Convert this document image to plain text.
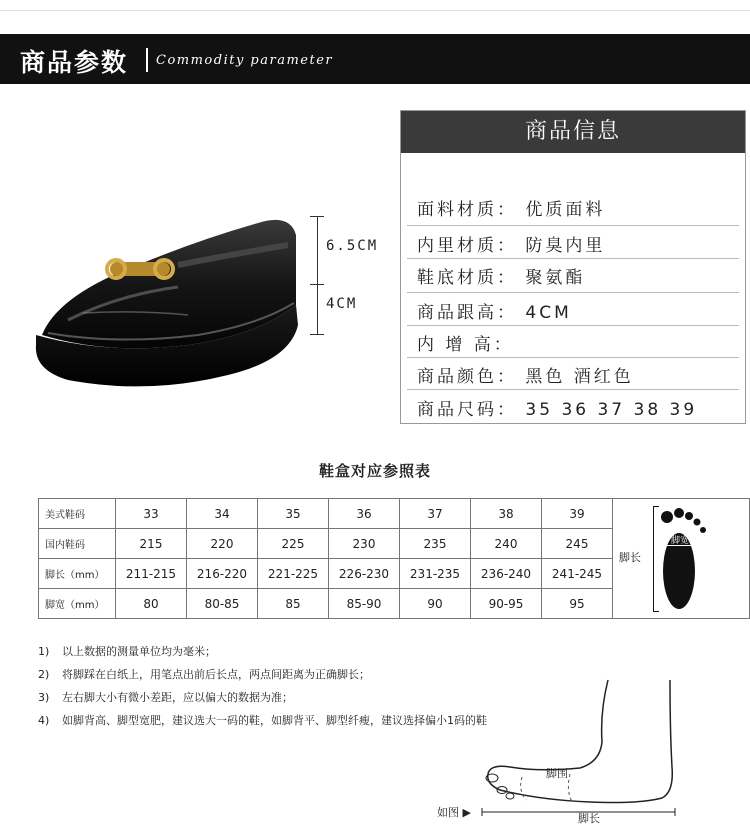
商品参数 Commodity parameter
6.5CM
4CM
商品信息
面料材质： 优质面料
内里材质： 防臭内里
鞋底材质： 聚氨酯
商品跟高： 4CM
内 增 高：
商品颜色： 黑色 酒红色
商品尺码： 35 36 37 38 39
鞋盒对应参照表
美式鞋码	33	34	35	36	37	38	39	脚长
脚宽

国内鞋码	215	220	225	230	235	240	245	
脚长（mm）	211-215	216-220	221-225	226-230	231-235	236-240	241-245	
脚宽（mm）	80	80-85	85	85-90	90	90-95	95	
1) 以上数据的测量单位均为毫米；
2) 将脚踩在白纸上，用笔点出前后长点，两点间距离为正确脚长；
3) 左右脚大小有微小差距，应以偏大的数据为准；
4) 如脚背高、脚型宽肥，建议选大一码的鞋，如脚背平、脚型纤瘦，建议选择偏小1码的鞋
如图 ▶
脚围
脚长
